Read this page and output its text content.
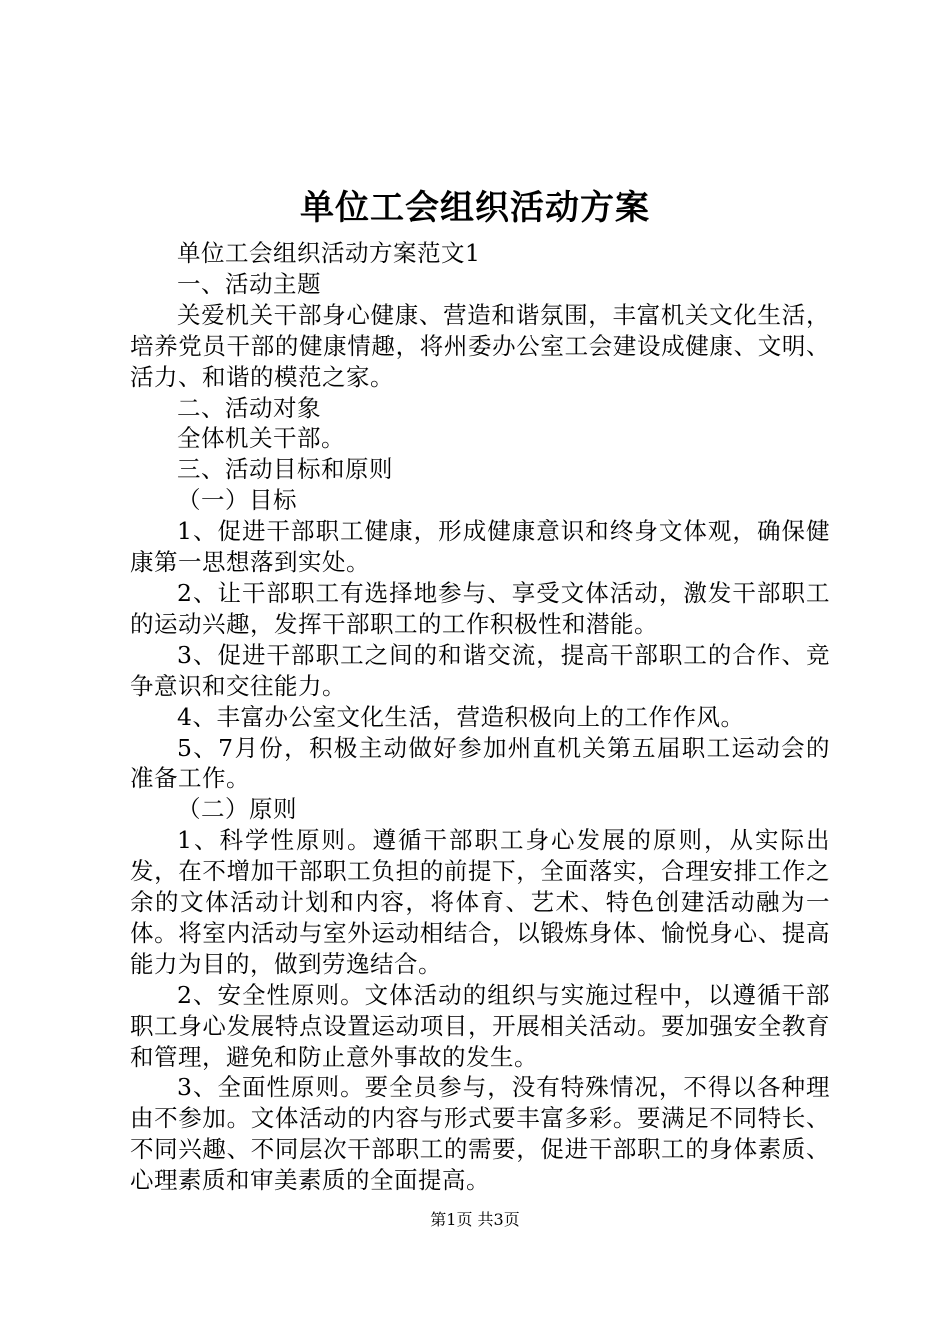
单位工会组织活动方案

单位工会组织活动方案范文1

一、活动主题

关爱机关干部身心健康、营造和谐氛围，丰富机关文化生活，培养党员干部的健康情趣，将州委办公室工会建设成健康、文明、活力、和谐的模范之家。

二、活动对象

全体机关干部。

三、活动目标和原则

（一）目标

1、促进干部职工健康，形成健康意识和终身文体观，确保健康第一思想落到实处。

2、让干部职工有选择地参与、享受文体活动，激发干部职工的运动兴趣，发挥干部职工的工作积极性和潜能。

3、促进干部职工之间的和谐交流，提高干部职工的合作、竞争意识和交往能力。

4、丰富办公室文化生活，营造积极向上的工作作风。

5、7月份，积极主动做好参加州直机关第五届职工运动会的准备工作。

（二）原则

1、科学性原则。遵循干部职工身心发展的原则，从实际出发，在不增加干部职工负担的前提下，全面落实，合理安排工作之余的文体活动计划和内容，将体育、艺术、特色创建活动融为一体。将室内活动与室外运动相结合，以锻炼身体、愉悦身心、提高能力为目的，做到劳逸结合。

2、安全性原则。文体活动的组织与实施过程中，以遵循干部职工身心发展特点设置运动项目，开展相关活动。要加强安全教育和管理，避免和防止意外事故的发生。

3、全面性原则。要全员参与，没有特殊情况，不得以各种理由不参加。文体活动的内容与形式要丰富多彩。要满足不同特长、不同兴趣、不同层次干部职工的需要，促进干部职工的身体素质、心理素质和审美素质的全面提高。

第1页 共3页
